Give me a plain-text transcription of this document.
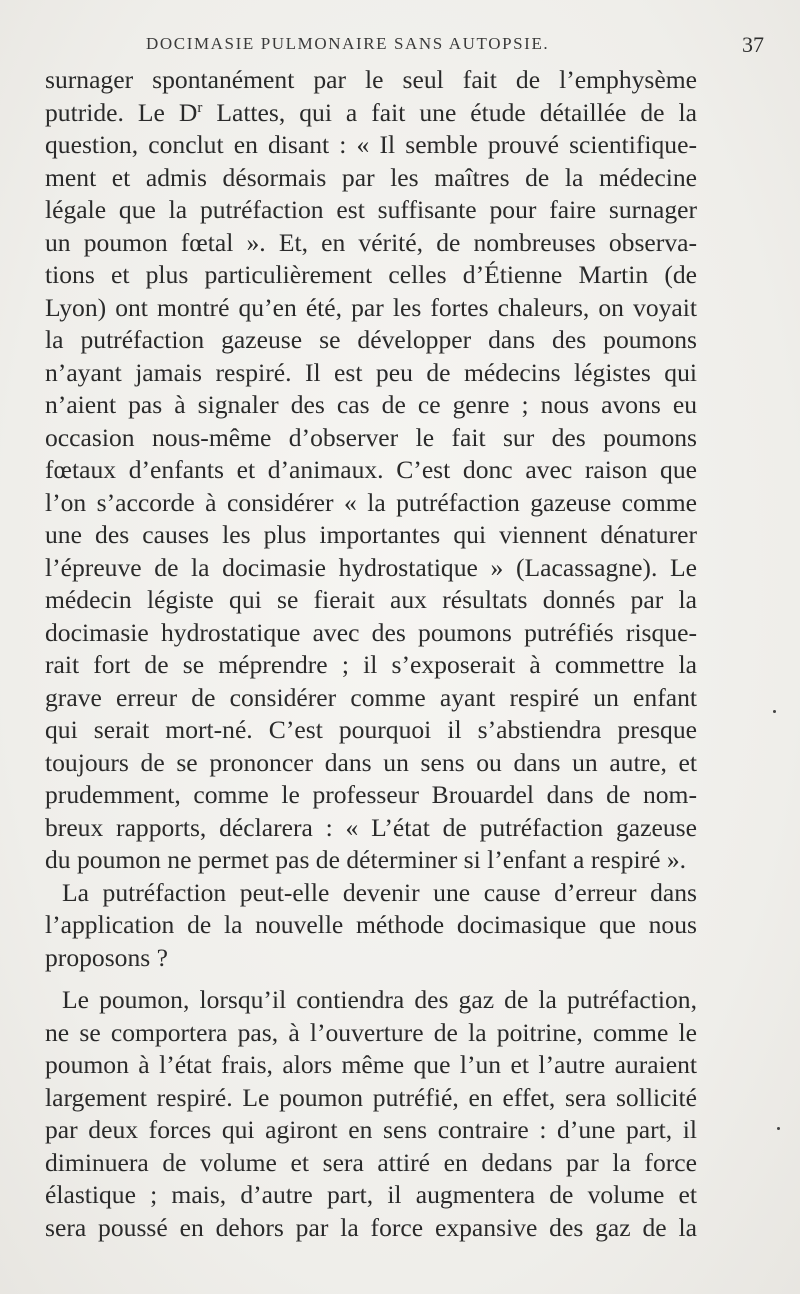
DOCIMASIE PULMONAIRE SANS AUTOPSIE.	37
surnager spontanément par le seul fait de l’emphysème
putride. Le $D^r$ Lattes, qui a fait une étude détaillée de la
question, conclut en disant : « Il semble prouvé scientifique-
ment et admis désormais par les maîtres de la médecine
légale que la putréfaction est suffisante pour faire surnager
un poumon fœtal ». Et, en vérité, de nombreuses observa-
tions et plus particulièrement celles d’Étienne Martin (de
Lyon) ont montré qu’en été, par les fortes chaleurs, on voyait
la putréfaction gazeuse se développer dans des poumons
n’ayant jamais respiré. Il est peu de médecins légistes qui
n’aient pas à signaler des cas de ce genre ; nous avons eu
occasion nous-même d’observer le fait sur des poumons
fœtaux d’enfants et d’animaux. C’est donc avec raison que
l’on s’accorde à considérer « la putréfaction gazeuse comme
une des causes les plus importantes qui viennent dénaturer
l’épreuve de la docimasie hydrostatique » (Lacassagne). Le
médecin légiste qui se fierait aux résultats donnés par la
docimasie hydrostatique avec des poumons putréfiés risque-
rait fort de se méprendre ; il s’exposerait à commettre la
grave erreur de considérer comme ayant respiré un enfant
qui serait mort-né. C’est pourquoi il s’abstiendra presque
toujours de se prononcer dans un sens ou dans un autre, et
prudemment, comme le professeur Brouardel dans de nom-
breux rapports, déclarera : « L’état de putréfaction gazeuse
du poumon ne permet pas de déterminer si l’enfant a respiré ».
La putréfaction peut-elle devenir une cause d’erreur dans
l’application de la nouvelle méthode docimasique que nous
proposons ?
Le poumon, lorsqu’il contiendra des gaz de la putréfaction,
ne se comportera pas, à l’ouverture de la poitrine, comme le
poumon à l’état frais, alors même que l’un et l’autre auraient
largement respiré. Le poumon putréfié, en effet, sera sollicité
par deux forces qui agiront en sens contraire : d’une part, il
diminuera de volume et sera attiré en dedans par la force
élastique ; mais, d’autre part, il augmentera de volume et
sera poussé en dehors par la force expansive des gaz de la
